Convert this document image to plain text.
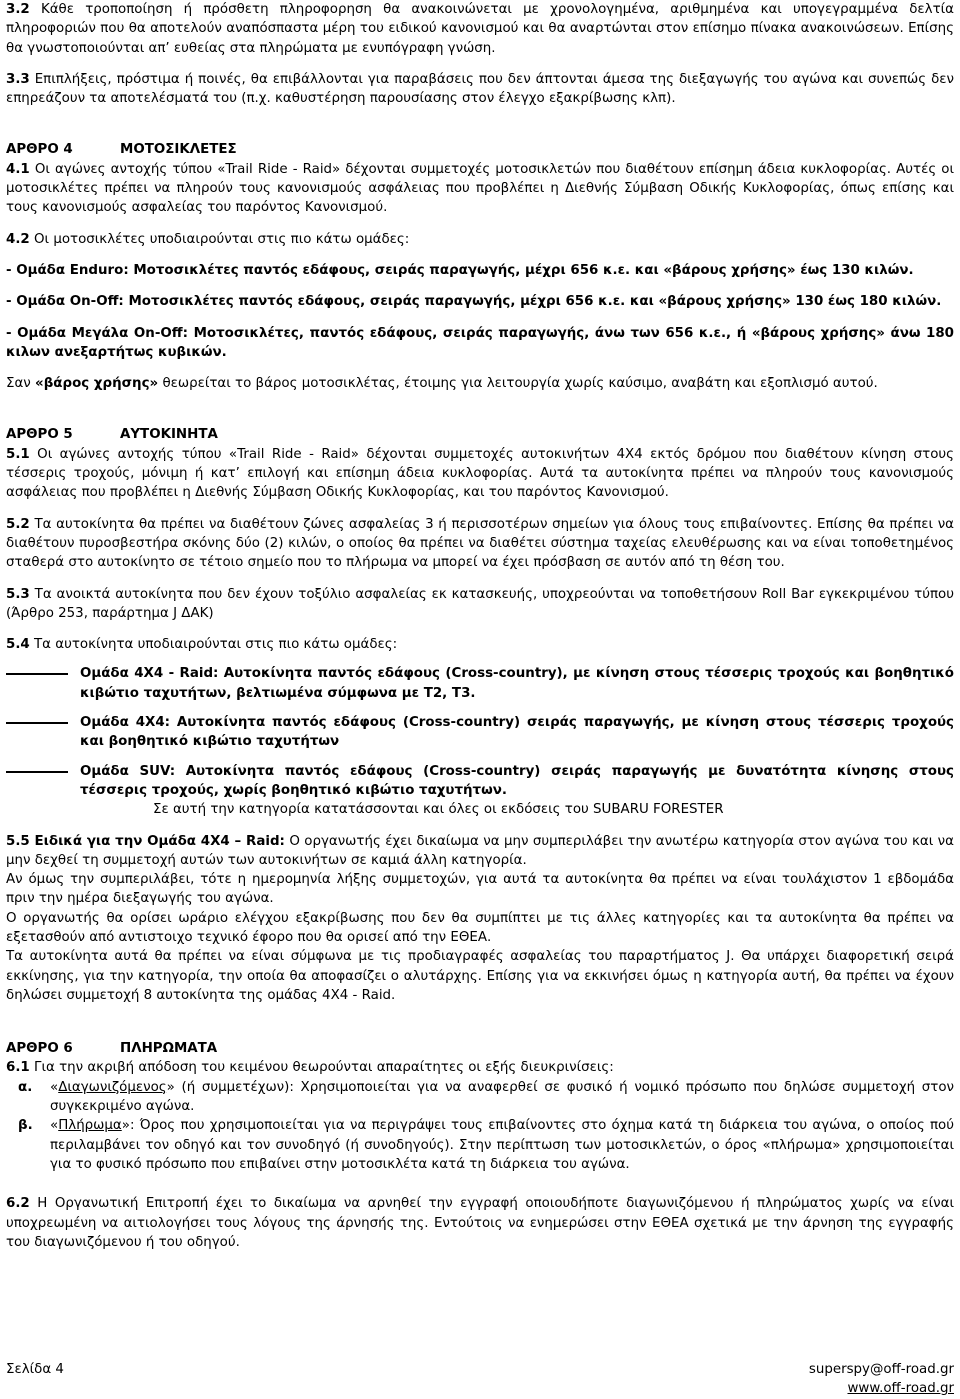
3.2 Κάθε τροποποίηση ή πρόσθετη πληροφορηση θα ανακοινώνεται με χρονολογημένα, αριθμημένα και υπογεγραμμένα δελτία πληροφοριών που θα αποτελούν αναπόσπαστα μέρη του ειδικού κανονισμού και θα αναρτώνται στον επίσημο πίνακα ανακοινώσεων. Επίσης θα γνωστοποιούνται απ’ ευθείας στα πληρώματα με ενυπόγραφη γνώση.

3.3 Επιπλήξεις, πρόστιμα ή ποινές, θα επιβάλλονται για παραβάσεις που δεν άπτονται άμεσα της διεξαγωγής του αγώνα και συνεπώς δεν επηρεάζουν τα αποτελέσματά του (π.χ. καθυστέρηση παρουσίασης στον έλεγχο εξακρίβωσης κλπ).

ΑΡΘΡΟ 4	ΜΟΤΟΣΙΚΛΕΤΕΣ

4.1 Οι αγώνες αντοχής τύπου «Trail Ride - Raid» δέχονται συμμετοχές μοτοσικλετών που διαθέτουν επίσημη άδεια κυκλοφορίας. Αυτές οι μοτοσικλέτες πρέπει να πληρούν τους κανονισμούς ασφάλειας που προβλέπει η Διεθνής Σύμβαση Οδικής Κυκλοφορίας, όπως επίσης και τους κανονισμούς ασφαλείας του παρόντος Κανονισμού.

4.2 Οι μοτοσικλέτες υποδιαιρούνται στις πιο κάτω ομάδες:

- Ομάδα Enduro: Μοτοσικλέτες παντός εδάφους, σειράς παραγωγής, μέχρι 656 κ.ε. και «βάρους χρήσης» έως 130 κιλών.

- Ομάδα On-Off: Μοτοσικλέτες παντός εδάφους, σειράς παραγωγής, μέχρι 656 κ.ε. και «βάρους χρήσης» 130 έως 180 κιλών.

- Ομάδα Μεγάλα On-Off: Μοτοσικλέτες, παντός εδάφους, σειράς παραγωγής, άνω των 656 κ.ε., ή «βάρους χρήσης» άνω 180 κιλων ανεξαρτήτως κυβικών.

Σαν «βάρος χρήσης» θεωρείται το βάρος μοτοσικλέτας, έτοιμης για λειτουργία χωρίς καύσιμο, αναβάτη και εξοπλισμό αυτού.

ΑΡΘΡΟ 5	ΑΥΤΟΚΙΝΗΤΑ

5.1 Οι αγώνες αντοχής τύπου «Trail Ride - Raid» δέχονται συμμετοχές αυτοκινήτων 4Χ4 εκτός δρόμου που διαθέτουν κίνηση στους τέσσερις τροχούς, μόνιμη ή κατ’ επιλογή και επίσημη άδεια κυκλοφορίας. Αυτά τα αυτοκίνητα πρέπει να πληρούν τους κανονισμούς ασφάλειας που προβλέπει η Διεθνής Σύμβαση Οδικής Κυκλοφορίας, και του παρόντος Κανονισμού.

5.2 Τα αυτοκίνητα θα πρέπει να διαθέτουν ζώνες ασφαλείας 3 ή περισσοτέρων σημείων για όλους τους επιβαίνοντες. Επίσης θα πρέπει να διαθέτουν πυροσβεστήρα σκόνης δύο (2) κιλών, ο οποίος θα πρέπει να διαθέτει σύστημα ταχείας ελευθέρωσης και να είναι τοποθετημένος σταθερά στο αυτοκίνητο σε τέτοιο σημείο που το πλήρωμα να μπορεί να έχει πρόσβαση σε αυτόν από τη θέση του.

5.3 Τα ανοικτά αυτοκίνητα που δεν έχουν τοξύλιο ασφαλείας εκ κατασκευής, υποχρεούνται να τοποθετήσουν Roll Bar εγκεκριμένου τύπου (Άρθρο 253, παράρτημα J ΔΑΚ)

5.4 Τα αυτοκίνητα υποδιαιρούνται στις πιο κάτω ομάδες:

Ομάδα 4Χ4 - Raid: Αυτοκίνητα παντός εδάφους (Cross-country), με κίνηση στους τέσσερις τροχούς και βοηθητικό κιβώτιο ταχυτήτων, βελτιωμένα σύμφωνα με Τ2, Τ3.
Ομάδα 4Χ4: Αυτοκίνητα παντός εδάφους (Cross-country) σειράς παραγωγής, με κίνηση στους τέσσερις τροχούς και βοηθητικό κιβώτιο ταχυτήτων
Ομάδα SUV: Αυτοκίνητα παντός εδάφους (Cross-country) σειράς παραγωγής με δυνατότητα κίνησης στους τέσσερις τροχούς, χωρίς βοηθητικό κιβώτιο ταχυτήτων.

Σε αυτή την κατηγορία κατατάσσονται και όλες οι εκδόσεις του SUBARU FORESTER

5.5 Ειδικά για την Ομάδα 4Χ4 – Raid: Ο οργανωτής έχει δικαίωμα να μην συμπεριλάβει την ανωτέρω κατηγορία στον αγώνα του και να μην δεχθεί τη συμμετοχή αυτών των αυτοκινήτων σε καμιά άλλη κατηγορία.

Αν όμως την συμπεριλάβει, τότε η ημερομηνία λήξης συμμετοχών, για αυτά τα αυτοκίνητα θα πρέπει να είναι τουλάχιστον 1 εβδομάδα πριν την ημέρα διεξαγωγής του αγώνα.

Ο οργανωτής θα ορίσει ωράριο ελέγχου εξακρίβωσης που δεν θα συμπίπτει με τις άλλες κατηγορίες και τα αυτοκίνητα θα πρέπει να εξετασθούν από αντιστοιχο τεχνικό έφορο που θα ορισεί από την ΕΘΕΑ.

Τα αυτοκίνητα αυτά θα πρέπει να είναι σύμφωνα με τις προδιαγραφές ασφαλείας του παραρτήματος J. Θα υπάρχει διαφορετική σειρά εκκίνησης, για την κατηγορία, την οποία θα αποφασίζει ο αλυτάρχης. Επίσης για να εκκινήσει όμως η κατηγορία αυτή, θα πρέπει να έχουν δηλώσει συμμετοχή 8 αυτοκίνητα της ομάδας 4Χ4 - Raid.

ΑΡΘΡΟ 6	ΠΛΗΡΩΜΑΤΑ

6.1 Για την ακριβή απόδοση του κειμένου θεωρούνται απαραίτητες οι εξής διευκρινίσεις:

α.	«Διαγωνιζόμενος» (ή συμμετέχων): Χρησιμοποιείται για να αναφερθεί σε φυσικό ή νομικό πρόσωπο που δηλώσε συμμετοχή στον συγκεκριμένο αγώνα.
β.	«Πλήρωμα»: Όρος που χρησιμοποιείται για να περιγράψει τους επιβαίνοντες στο όχημα κατά τη διάρκεια του αγώνα, ο οποίος πού περιλαμβάνει τον οδηγό και τον συνοδηγό (ή συνοδηγούς). Στην περίπτωση των μοτοσικλετών, ο όρος «πλήρωμα» χρησιμοποιείται για το φυσικό πρόσωπο που επιβαίνει στην μοτοσικλέτα κατά τη διάρκεια του αγώνα.

6.2 Η Οργανωτική Επιτροπή έχει το δικαίωμα να αρνηθεί την εγγραφή οποιουδήποτε διαγωνιζόμενου ή πληρώματος χωρίς να είναι υποχρεωμένη να αιτιολογήσει τους λόγους της άρνησής της. Εντούτοις να ενημερώσει στην ΕΘΕΑ σχετικά με την άρνηση της εγγραφής του διαγωνιζόμενου ή του οδηγού.

Σελίδα 4	superspy@off-road.gr
www.off-road.gr
